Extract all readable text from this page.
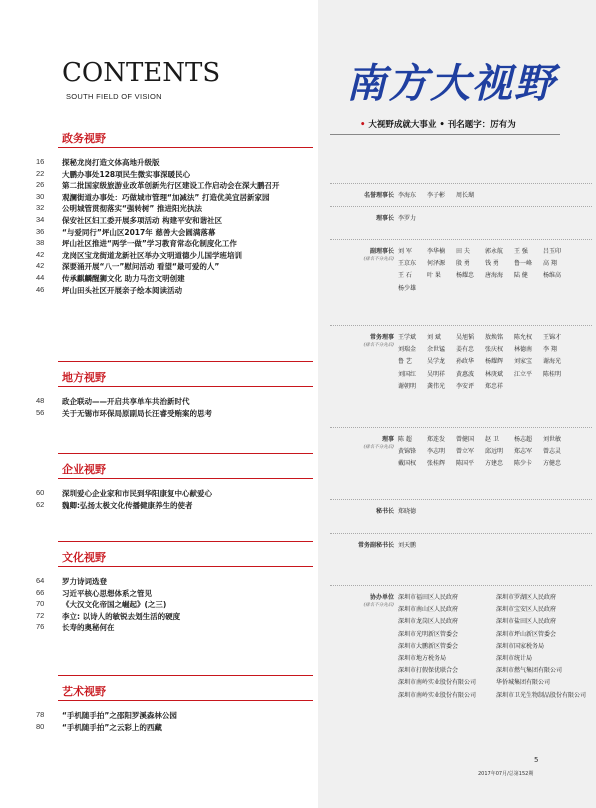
CONTENTS
SOUTH FIELD OF VISION
政务视野
16	探秘龙岗打造文体高地升级版
22	大鹏办事处128项民生微实事深暖民心
26	第二批国家级旅游业改革创新先行区建设工作启动会在深大鹏召开
30	观澜街道办事处：巧做城市管理“加减法” 打造优美宜居新家园
32	公明城管贯彻落实“强转树” 推进阳光执法
34	保安社区妇工委开展多项活动 构建平安和谐社区
36	“与爱同行”坪山区2017年 慈善大会圆满落幕
38	坪山社区推进“两学一做”学习教育常态化制度化工作
42	龙岗区宝龙街道龙新社区举办文明道德少儿国学班培训
42	深要涌开展“八一”慰问活动 看望“最可爱的人”
44	传承麒麟醒狮文化 助力马峦文明创建
46	坪山田头社区开展亲子绘本阅读活动
地方视野
48	政企联动——开启共享单车共治新时代
56	关于无锡市环保局原副局长汪睿受贿案的思考
企业视野
60	深圳爱心企业家和市民到华阳康复中心献爱心
62	魏卿:弘扬太极文化传播健康养生的使者
文化视野
64	罗力诗词选登
66	习近平核心思想体系之管见
70	《大汉文化帝国之崛起》(之三)
72	李立: 以诗人的敏锐去划生活的硬度
76	长寿的奥秘何在
艺术视野
78	“手机随手拍”之邵阳罗溪森林公园
80	“手机随手拍”之云彩上的西藏
南方大视野
• 大视野成就大事业 • 刊名题字：厉有为
名誉理事长 李海东 李子彬 周长瑚
理事长 李罗力
副理事长
(排名不分先后)
刘 军	李华楠 田 夫	郭永航 王 强	吕玉印
王京东 何泽源 殷 勇	钱 勇	鲁一峰 高 翔
王 石	叶 果	杨耀忠 唐海海 陆 健	杨维高
杨少雄
常务理事
(排名不分先后)
王学斌 刘 斌	吴旭韬 敖焕铭 陈允权 王锦才
刘瑞金 余世锰 姜有忠 张庆权 林德南 李 翔
鲁 艺	吴学龙 孙政华 杨耀辉 刘家宝 谢海光
刘国红 吴明祥 黄惠波 林庚斌 江立平 陈桂明
谢朝明 龚伟光 李安评 郑忠祥
理事
(排名不分先后)
陈 超	郑连发 曾健国 赵 卫	杨志超 刘世敏
黄锦锋 李志明 曾立军 邱远明 郑志军 曾志灵
戴国权 张桂辉 陈国平 方建忠 陈少卡 方健忠
秘书长 郑晓德
常务副秘书长 刘天鹏
协办单位
(排名不分先后)
深圳市福田区人民政府	深圳市罗湖区人民政府
深圳市南山区人民政府	深圳市宝安区人民政府
深圳市龙岗区人民政府	深圳市盐田区人民政府
深圳市光明新区管委会	深圳市坪山新区管委会
深圳市大鹏新区管委会	深圳市国家税务局
深圳市地方税务局	深圳市统计局
深圳市打假保优联合会	深圳市燃气集团有限公司
深圳市南岭实业股份有限公司	华侨城集团有限公司
深圳市南岭实业股份有限公司	深圳市卫光生物制品股份有限公司
5
2017年07月/总第152期
